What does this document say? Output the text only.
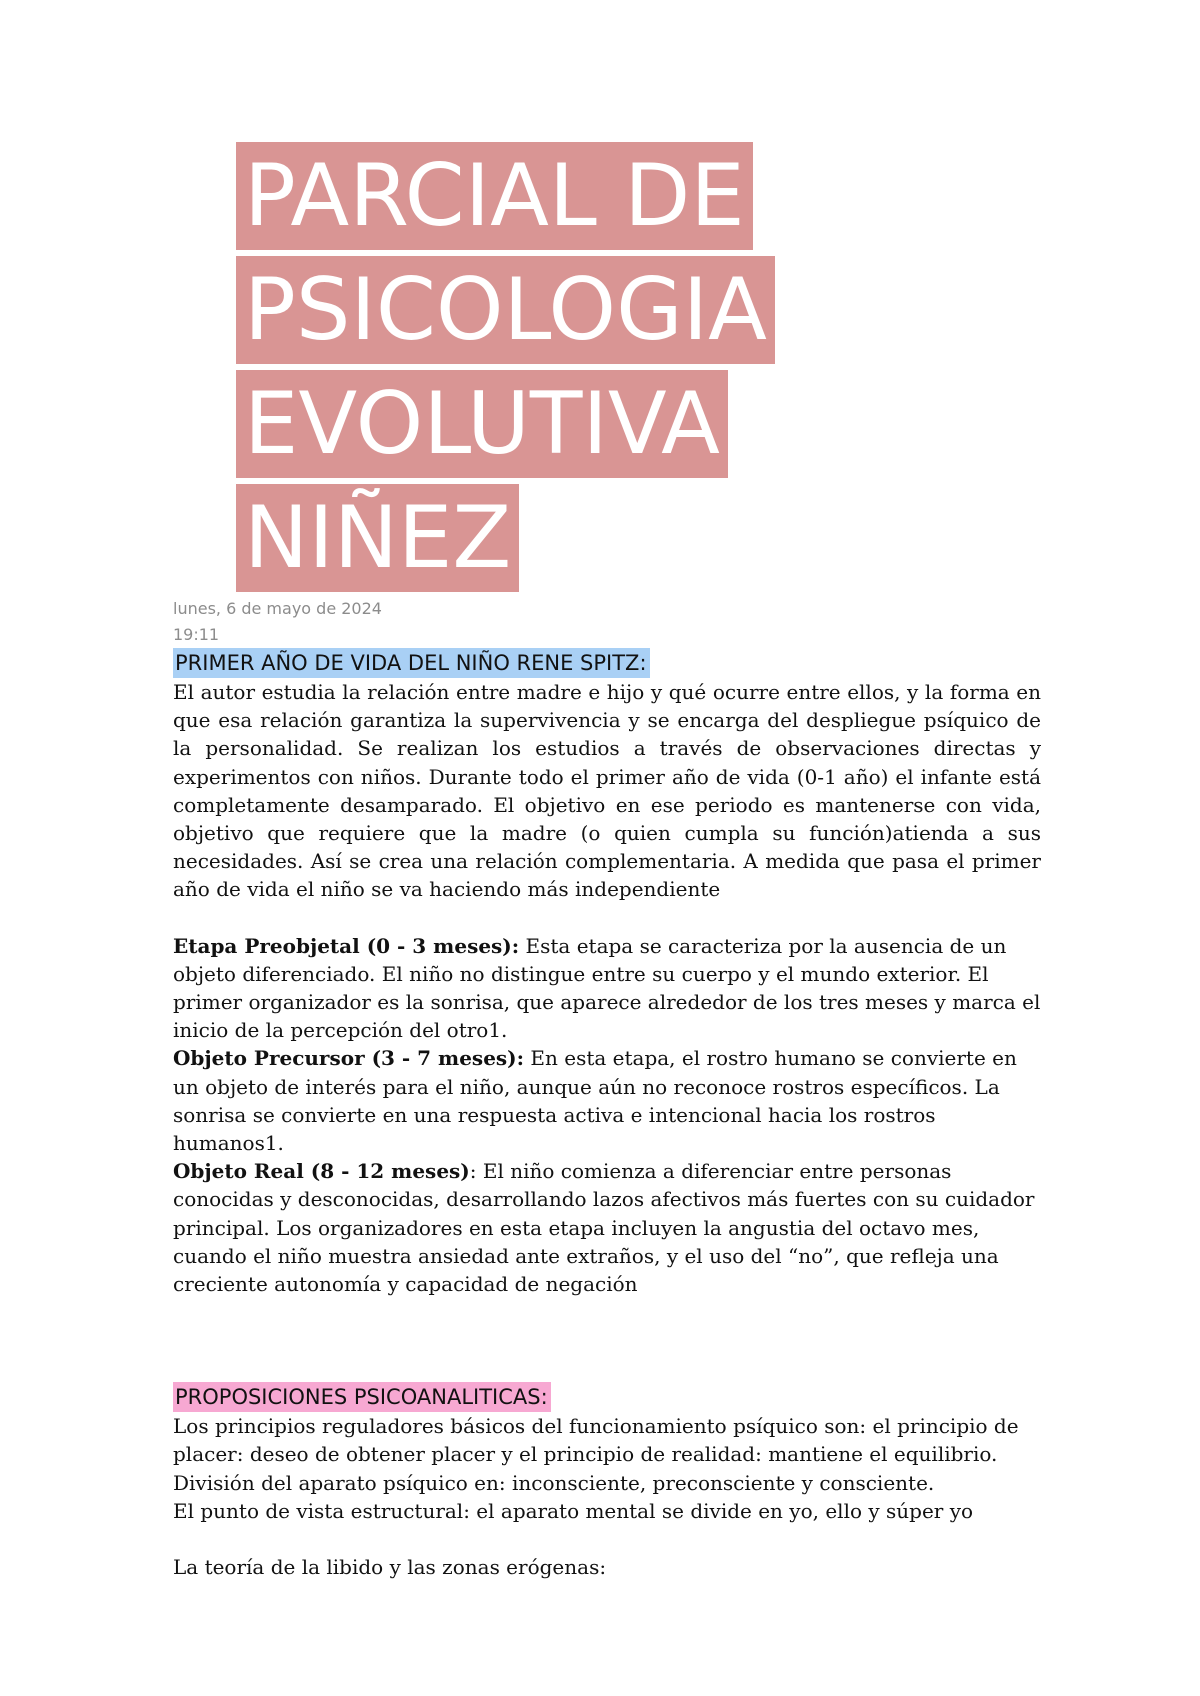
PARCIAL DE
PSICOLOGIA
EVOLUTIVA
NIÑEZ
lunes, 6 de mayo de 2024
19:11
PRIMER AÑO DE VIDA DEL NIÑO RENE SPITZ:

El autor estudia la relación entre madre e hijo y qué ocurre entre ellos, y la forma en que esa relación garantiza la supervivencia y se encarga del despliegue psíquico de la personalidad. Se realizan los estudios a través de observaciones directas y experimentos con niños. Durante todo el primer año de vida (0-1 año) el infante está completamente desamparado. El objetivo en ese periodo es mantenerse con vida, objetivo que requiere que la madre (o quien cumpla su función)atienda a sus necesidades. Así se crea una relación complementaria. A medida que pasa el primer año de vida el niño se va haciendo más independiente

Etapa Preobjetal (0 - 3 meses): Esta etapa se caracteriza por la ausencia de un objeto diferenciado. El niño no distingue entre su cuerpo y el mundo exterior. El primer organizador es la sonrisa, que aparece alrededor de los tres meses y marca el inicio de la percepción del otro1.

Objeto Precursor (3 - 7 meses): En esta etapa, el rostro humano se convierte en un objeto de interés para el niño, aunque aún no reconoce rostros específicos. La sonrisa se convierte en una respuesta activa e intencional hacia los rostros humanos1.

Objeto Real (8 - 12 meses): El niño comienza a diferenciar entre personas conocidas y desconocidas, desarrollando lazos afectivos más fuertes con su cuidador principal. Los organizadores en esta etapa incluyen la angustia del octavo mes, cuando el niño muestra ansiedad ante extraños, y el uso del “no”, que refleja una creciente autonomía y capacidad de negación

PROPOSICIONES PSICOANALITICAS:

Los principios reguladores básicos del funcionamiento psíquico son: el principio de placer: deseo de obtener placer y el principio de realidad: mantiene el equilibrio.

División del aparato psíquico en: inconsciente, preconsciente y consciente.

El punto de vista estructural: el aparato mental se divide en yo, ello y súper yo

La teoría de la libido y las zonas erógenas:
